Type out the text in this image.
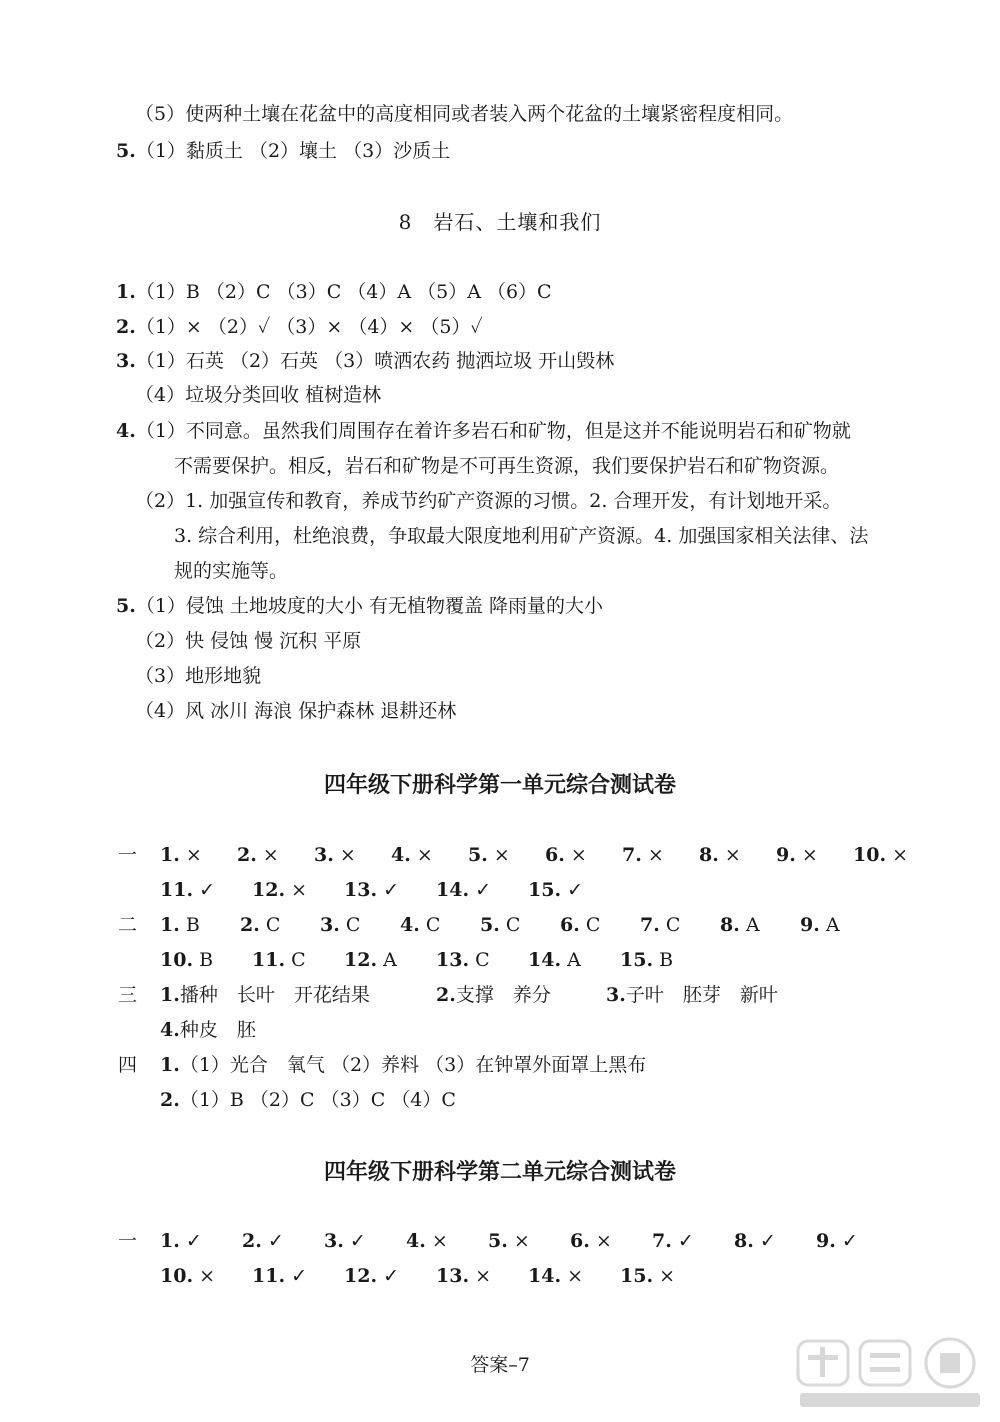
（5）使两种土壤在花盆中的高度相同或者装入两个花盆的土壤紧密程度相同。
5.（1）黏质土 （2）壤土 （3）沙质土
8　岩石、土壤和我们
1.（1）B （2）C （3）C （4）A （5）A （6）C
2.（1）× （2）✓ （3）× （4）× （5）✓
3.（1）石英 （2）石英 （3）喷洒农药 抛洒垃圾 开山毁林
（4）垃圾分类回收 植树造林
4.（1）不同意。虽然我们周围存在着许多岩石和矿物，但是这并不能说明岩石和矿物就
不需要保护。相反，岩石和矿物是不可再生资源，我们要保护岩石和矿物资源。
（2）1. 加强宣传和教育，养成节约矿产资源的习惯。2. 合理开发，有计划地开采。
3. 综合利用，杜绝浪费，争取最大限度地利用矿产资源。4. 加强国家相关法律、法
规的实施等。
5.（1）侵蚀 土地坡度的大小 有无植物覆盖 降雨量的大小
（2）快 侵蚀 慢 沉积 平原
（3）地形地貌
（4）风 冰川 海浪 保护森林 退耕还林
四年级下册科学第一单元综合测试卷
一 1. × 2. × 3. × 4. × 5. × 6. × 7. × 8. × 9. × 10. ×
11. ✓ 12. × 13. ✓ 14. ✓ 15. ✓
二 1. B 2. C 3. C 4. C 5. C 6. C 7. C 8. A 9. A
10. B 11. C 12. A 13. C 14. A 15. B
三 1.播种　长叶　开花结果	2.支撑　养分	3.子叶　胚芽　新叶
4.种皮　胚
四 1.（1）光合　氧气 （2）养料 （3）在钟罩外面罩上黑布
2.（1）B （2）C （3）C （4）C
四年级下册科学第二单元综合测试卷
一 1. ✓ 2. ✓ 3. ✓ 4. × 5. × 6. × 7. ✓ 8. ✓ 9. ✓
10. × 11. ✓ 12. ✓ 13. × 14. × 15. ×
答案–7
